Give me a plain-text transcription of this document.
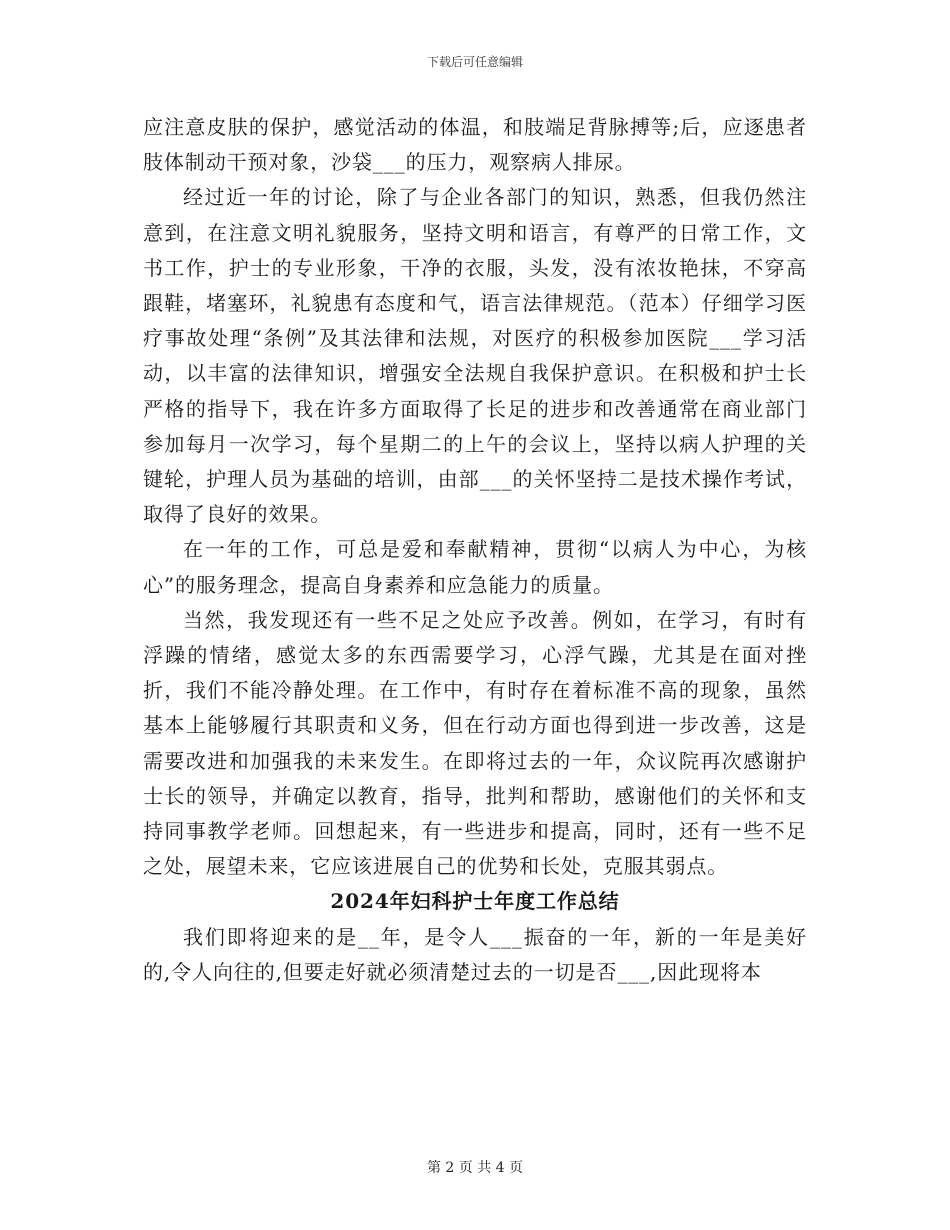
下载后可任意编辑

应注意皮肤的保护，感觉活动的体温，和肢端足背脉搏等;后，应逐患者肢体制动干预对象，沙袋___的压力，观察病人排尿。

经过近一年的讨论，除了与企业各部门的知识，熟悉，但我仍然注意到，在注意文明礼貌服务，坚持文明和语言，有尊严的日常工作，文书工作，护士的专业形象，干净的衣服，头发，没有浓妆艳抹，不穿高跟鞋，堵塞环，礼貌患有态度和气，语言法律规范。（范本）仔细学习医疗事故处理“条例”及其法律和法规，对医疗的积极参加医院___学习活动，以丰富的法律知识，增强安全法规自我保护意识。在积极和护士长严格的指导下，我在许多方面取得了长足的进步和改善通常在商业部门参加每月一次学习，每个星期二的上午的会议上，坚持以病人护理的关键轮，护理人员为基础的培训，由部___的关怀坚持二是技术操作考试，取得了良好的效果。

在一年的工作，可总是爱和奉献精神，贯彻“以病人为中心，为核心”的服务理念，提高自身素养和应急能力的质量。

当然，我发现还有一些不足之处应予改善。例如，在学习，有时有浮躁的情绪，感觉太多的东西需要学习，心浮气躁，尤其是在面对挫折，我们不能冷静处理。在工作中，有时存在着标准不高的现象，虽然基本上能够履行其职责和义务，但在行动方面也得到进一步改善，这是需要改进和加强我的未来发生。在即将过去的一年，众议院再次感谢护士长的领导，并确定以教育，指导，批判和帮助，感谢他们的关怀和支持同事教学老师。回想起来，有一些进步和提高，同时，还有一些不足之处，展望未来，它应该进展自己的优势和长处，克服其弱点。

2024年妇科护士年度工作总结

我们即将迎来的是__年，是令人___振奋的一年，新的一年是美好的,令人向往的,但要走好就必须清楚过去的一切是否___,因此现将本

第 2 页 共 4 页
